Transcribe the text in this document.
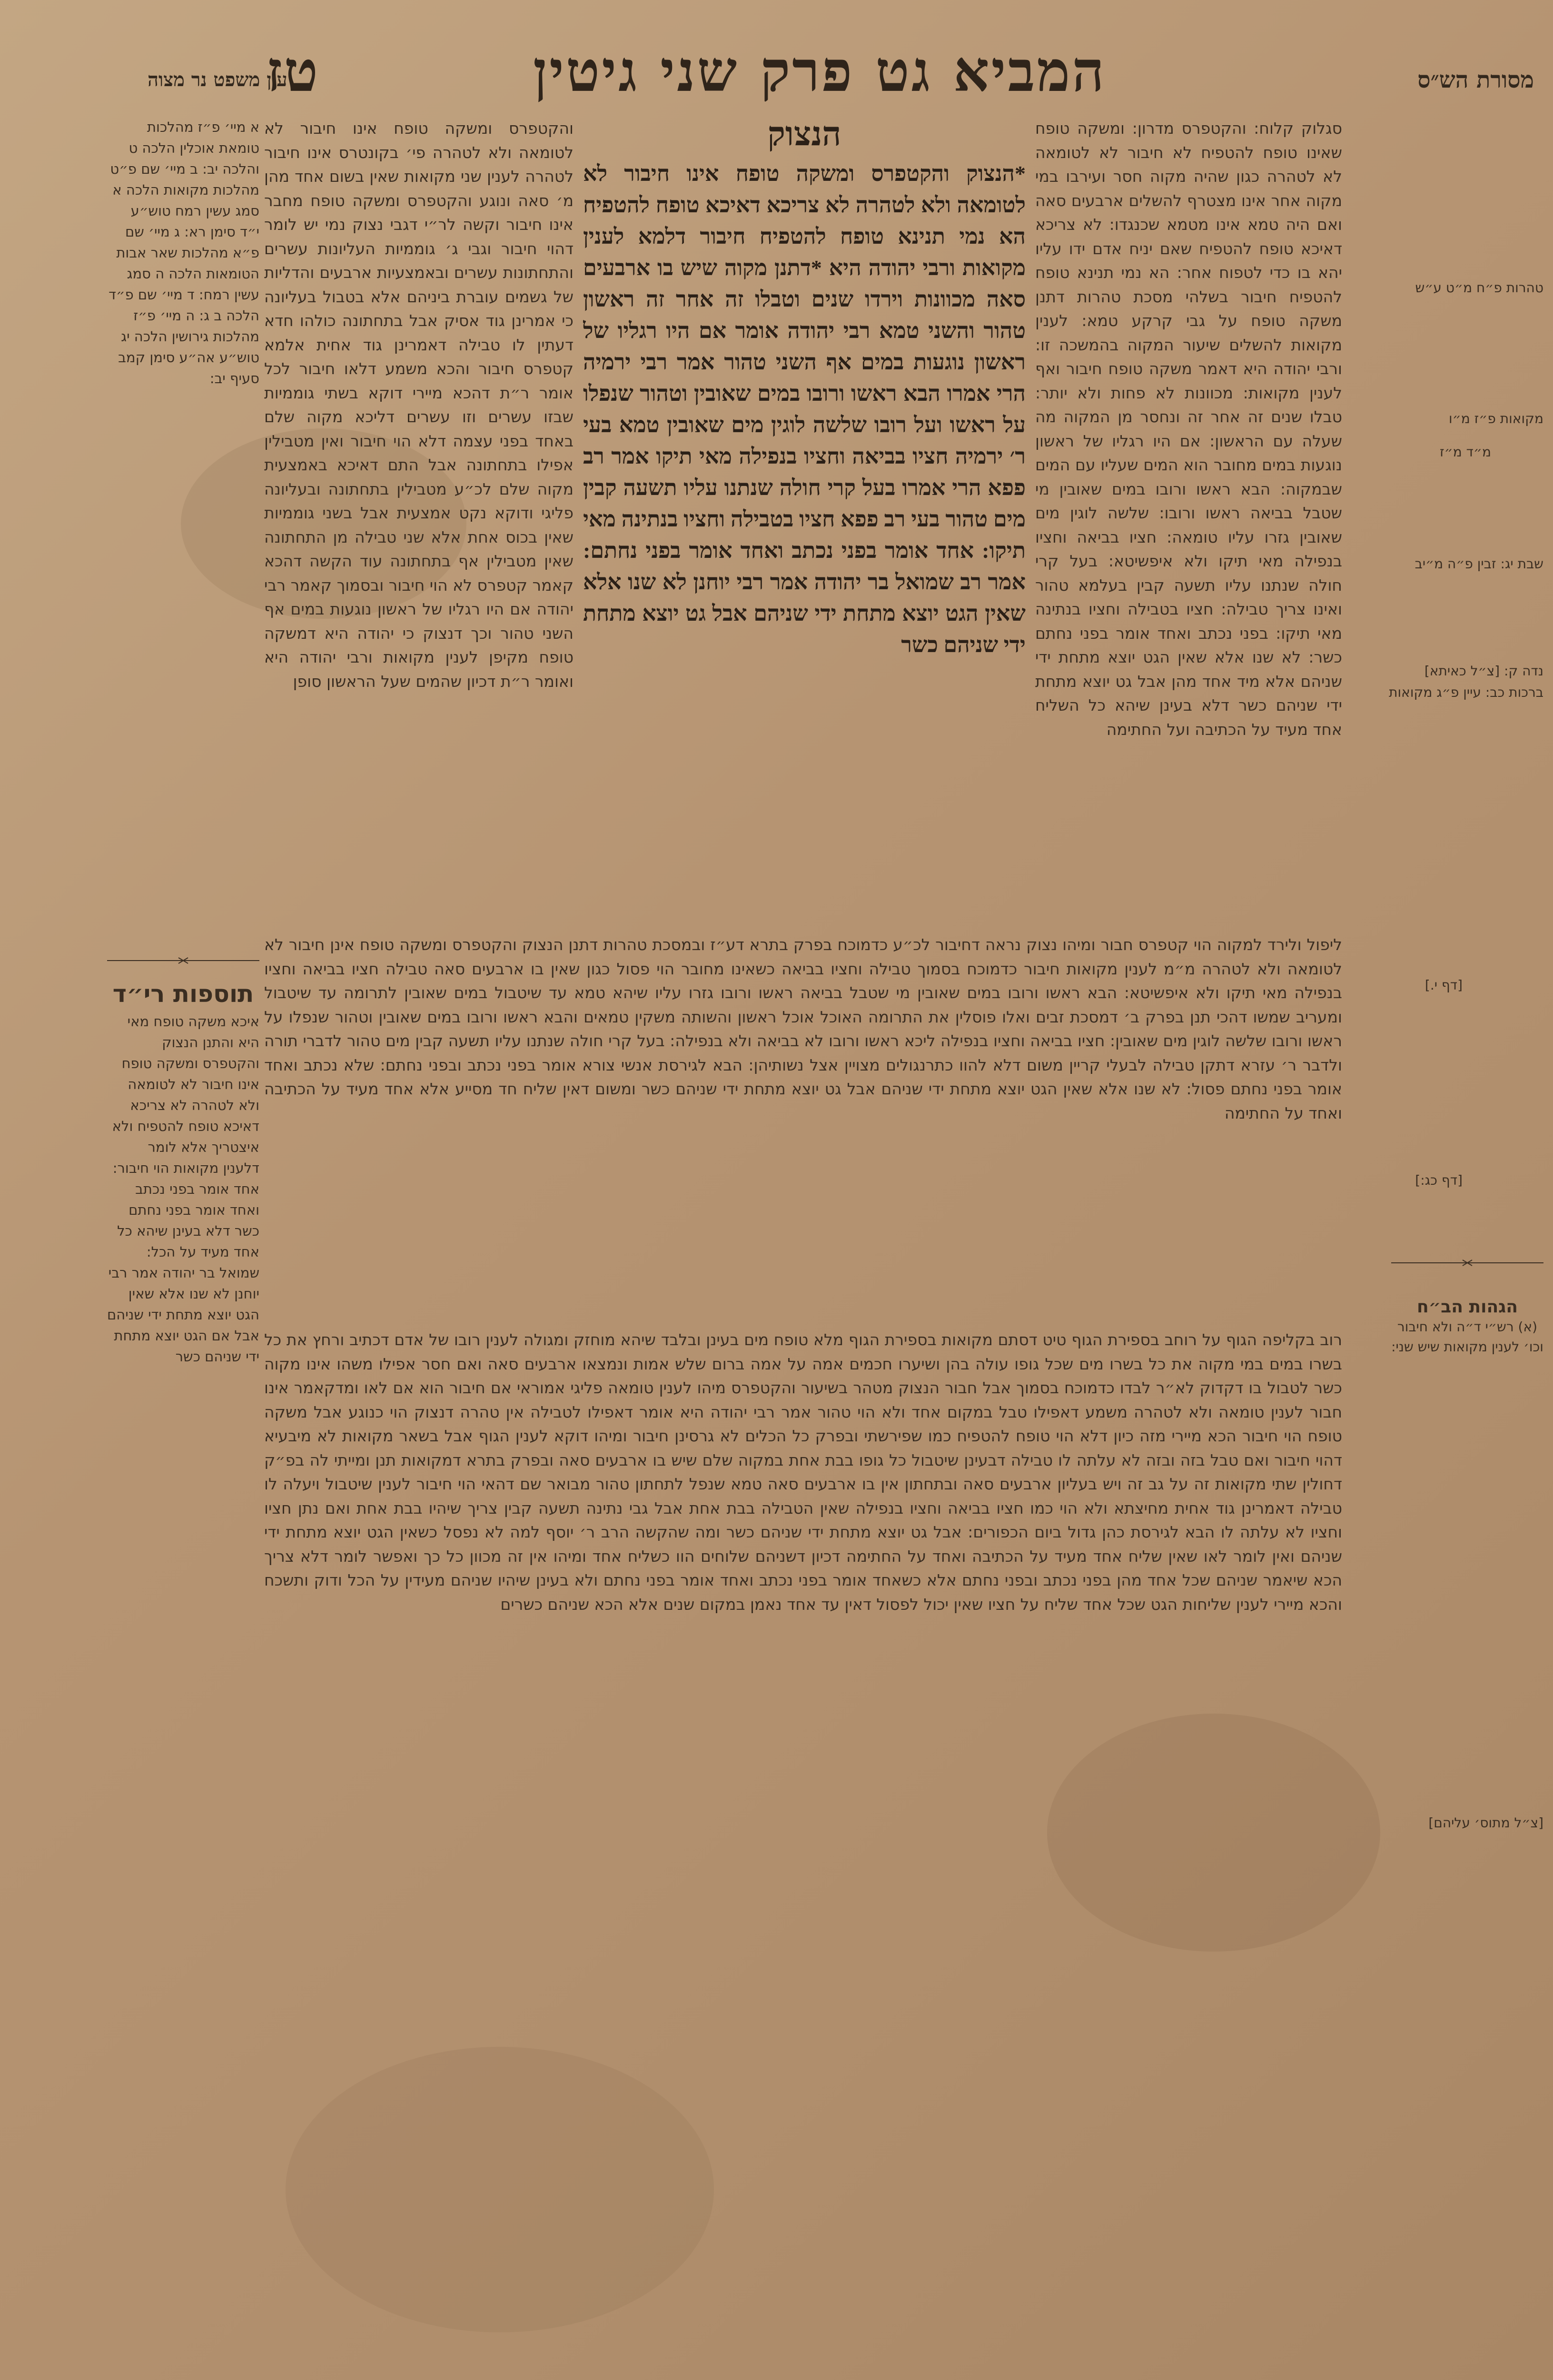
מסורת הש״ס
המביא גט פרק שני גיטין
טז
עין משפט נר מצוה
טהרות פ״ח מ״ט ע״ש
מקואות פ״ז מ״ו
מ״ד מ״ז
שבת יג: זבין פ״ה מ״יב
נדה ק: [צ״ל כאיתא]
ברכות כב: עיין פ״ג מקואות
[דף י.]
[דף כג:]
[צ״ל מתוס׳ עליהם]
הגהות הב״ח
(א) רש״י ד״ה ולא חיבור וכו׳ לענין מקואות שיש שני:

סגלוק קלוח: והקטפרס מדרון: ומשקה טופח שאינו טופח להטפיח לא חיבור לא לטומאה לא לטהרה כגון שהיה מקוה חסר ועירבו במי מקוה אחר אינו מצטרף להשלים ארבעים סאה ואם היה טמא אינו מטמא שכנגדו: לא צריכא דאיכא טופח להטפיח שאם יניח אדם ידו עליו יהא בו כדי לטפוח אחר: הא נמי תנינא טופח להטפיח חיבור בשלהי מסכת טהרות דתנן משקה טופח על גבי קרקע טמא: לענין מקואות להשלים שיעור המקוה בהמשכה זו: ורבי יהודה היא דאמר משקה טופח חיבור ואף לענין מקואות: מכוונות לא פחות ולא יותר: טבלו שנים זה אחר זה ונחסר מן המקוה מה שעלה עם הראשון: אם היו רגליו של ראשון נוגעות במים מחובר הוא המים שעליו עם המים שבמקוה: הבא ראשו ורובו במים שאובין מי שטבל בביאה ראשו ורובו: שלשה לוגין מים שאובין גזרו עליו טומאה: חציו בביאה וחציו בנפילה מאי תיקו ולא איפשיטא: בעל קרי חולה שנתנו עליו תשעה קבין בעלמא טהור ואינו צריך טבילה: חציו בטבילה וחציו בנתינה מאי תיקו: בפני נכתב ואחד אומר בפני נחתם כשר: לא שנו אלא שאין הגט יוצא מתחת ידי שניהם אלא מיד אחד מהן אבל גט יוצא מתחת ידי שניהם כשר דלא בעינן שיהא כל השליח אחד מעיד על הכתיבה ועל החתימה

הנצוק

*הנצוק והקטפרס ומשקה טופח אינו חיבור לא לטומאה ולא לטהרה לא צריכא דאיכא טופח להטפיח הא נמי תנינא טופח להטפיח חיבור דלמא לענין מקואות ורבי יהודה היא *דתנן מקוה שיש בו ארבעים סאה מכוונות וירדו שנים וטבלו זה אחר זה ראשון טהור והשני טמא רבי יהודה אומר אם היו רגליו של ראשון נוגעות במים אף השני טהור אמר רבי ירמיה הרי אמרו הבא ראשו ורובו במים שאובין וטהור שנפלו על ראשו ועל רובו שלשה לוגין מים שאובין טמא בעי ר׳ ירמיה חציו בביאה וחציו בנפילה מאי תיקו אמר רב פפא הרי אמרו בעל קרי חולה שנתנו עליו תשעה קבין מים טהור בעי רב פפא חציו בטבילה וחציו בנתינה מאי תיקו: אחד אומר בפני נכתב ואחד אומר בפני נחתם: אמר רב שמואל בר יהודה אמר רבי יוחנן לא שנו אלא שאין הגט יוצא מתחת ידי שניהם אבל גט יוצא מתחת ידי שניהם כשר

והקטפרס ומשקה טופח אינו חיבור לא לטומאה ולא לטהרה פי׳ בקונטרס אינו חיבור לטהרה לענין שני מקואות שאין בשום אחד מהן מ׳ סאה ונוגע והקטפרס ומשקה טופח מחבר אינו חיבור וקשה לר״י דגבי נצוק נמי יש לומר דהוי חיבור וגבי ג׳ גוממיות העליונות עשרים והתחתונות עשרים ובאמצעיות ארבעים והדליות של גשמים עוברת ביניהם אלא בטבול בעליונה כי אמרינן גוד אסיק אבל בתחתונה כולהו חדא דעתין לו טבילה דאמרינן גוד אחית אלמא קטפרס חיבור והכא משמע דלאו חיבור לכל אומר ר״ת דהכא מיירי דוקא בשתי גוממיות שבזו עשרים וזו עשרים דליכא מקוה שלם באחד בפני עצמה דלא הוי חיבור ואין מטבילין אפילו בתחתונה אבל התם דאיכא באמצעית מקוה שלם לכ״ע מטבילין בתחתונה ובעליונה פליגי ודוקא נקט אמצעית אבל בשני גוממיות שאין בכוס אחת אלא שני טבילה מן התחתונה שאין מטבילין אף בתחתונה עוד הקשה דהכא קאמר קטפרס לא הוי חיבור ובסמוך קאמר רבי יהודה אם היו רגליו של ראשון נוגעות במים אף השני טהור וכך דנצוק כי יהודה היא דמשקה טופח מקיפן לענין מקואות ורבי יהודה היא ואומר ר״ת דכיון שהמים שעל הראשון סופן

ליפול ולירד למקוה הוי קטפרס חבור ומיהו נצוק נראה דחיבור לכ״ע כדמוכח בפרק בתרא דע״ז ובמסכת טהרות דתנן הנצוק והקטפרס ומשקה טופח אינן חיבור לא לטומאה ולא לטהרה מ״מ לענין מקואות חיבור כדמוכח בסמוך טבילה וחציו בביאה כשאינו מחובר הוי פסול כגון שאין בו ארבעים סאה טבילה חציו בביאה וחציו בנפילה מאי תיקו ולא איפשיטא: הבא ראשו ורובו במים שאובין מי שטבל בביאה ראשו ורובו גזרו עליו שיהא טמא עד שיטבול במים שאובין לתרומה עד שיטבול ומעריב שמשו דהכי תנן בפרק ב׳ דמסכת זבים ואלו פוסלין את התרומה האוכל אוכל ראשון והשותה משקין טמאים והבא ראשו ורובו במים שאובין וטהור שנפלו על ראשו ורובו שלשה לוגין מים שאובין: חציו בביאה וחציו בנפילה ליכא ראשו ורובו לא בביאה ולא בנפילה: בעל קרי חולה שנתנו עליו תשעה קבין מים טהור לדברי תורה ולדבר ר׳ עזרא דתקן טבילה לבעלי קריין משום דלא להוו כתרנגולים מצויין אצל נשותיהן: הבא לגירסת אנשי צורא אומר בפני נכתב ובפני נחתם: שלא נכתב ואחד אומר בפני נחתם פסול: לא שנו אלא שאין הגט יוצא מתחת ידי שניהם אבל גט יוצא מתחת ידי שניהם כשר ומשום דאין שליח חד מסייע אלא אחד מעיד על הכתיבה ואחד על החתימה

רוב בקליפה הגוף על רוחב בספירת הגוף טיט דסתם מקואות בספירת הגוף מלא טופח מים בעינן ובלבד שיהא מוחזק ומגולה לענין רובו של אדם דכתיב ורחץ את כל בשרו במים במי מקוה את כל בשרו מים שכל גופו עולה בהן ושיערו חכמים אמה על אמה ברום שלש אמות ונמצאו ארבעים סאה ואם חסר אפילו משהו אינו מקוה כשר לטבול בו דקדוק לא״ר לבדו כדמוכח בסמוך אבל חבור הנצוק מטהר בשיעור והקטפרס מיהו לענין טומאה פליגי אמוראי אם חיבור הוא אם לאו ומדקאמר אינו חבור לענין טומאה ולא לטהרה משמע דאפילו טבל במקום אחד ולא הוי טהור אמר רבי יהודה היא אומר דאפילו לטבילה אין טהרה דנצוק הוי כנוגע אבל משקה טופח הוי חיבור הכא מיירי מזה כיון דלא הוי טופח להטפיח כמו שפירשתי ובפרק כל הכלים לא גרסינן חיבור ומיהו דוקא לענין הגוף אבל בשאר מקואות לא מיבעיא דהוי חיבור ואם טבל בזה ובזה לא עלתה לו טבילה דבעינן שיטבול כל גופו בבת אחת במקוה שלם שיש בו ארבעים סאה ובפרק בתרא דמקואות תנן ומייתי לה בפ״ק דחולין שתי מקואות זה על גב זה ויש בעליון ארבעים סאה ובתחתון אין בו ארבעים סאה טמא שנפל לתחתון טהור מבואר שם דהאי הוי חיבור לענין שיטבול ויעלה לו טבילה דאמרינן גוד אחית מחיצתא ולא הוי כמו חציו בביאה וחציו בנפילה שאין הטבילה בבת אחת אבל גבי נתינה תשעה קבין צריך שיהיו בבת אחת ואם נתן חציו וחציו לא עלתה לו הבא לגירסת כהן גדול ביום הכפורים: אבל גט יוצא מתחת ידי שניהם כשר ומה שהקשה הרב ר׳ יוסף למה לא נפסל כשאין הגט יוצא מתחת ידי שניהם ואין לומר לאו שאין שליח אחד מעיד על הכתיבה ואחד על החתימה דכיון דשניהם שלוחים הוו כשליח אחד ומיהו אין זה מכוון כל כך ואפשר לומר דלא צריך הכא שיאמר שניהם שכל אחד מהן בפני נכתב ובפני נחתם אלא כשאחד אומר בפני נכתב ואחד אומר בפני נחתם ולא בעינן שיהיו שניהם מעידין על הכל ודוק ותשכח והכא מיירי לענין שליחות הגט שכל אחד שליח על חציו שאין יכול לפסול דאין עד אחד נאמן במקום שנים אלא הכא שניהם כשרים

א מיי׳ פ״ז מהלכות טומאת אוכלין הלכה ט והלכה יב: ב מיי׳ שם פ״ט מהלכות מקואות הלכה א סמג עשין רמח טוש״ע י״ד סימן רא: ג מיי׳ שם פ״א מהלכות שאר אבות הטומאות הלכה ה סמג עשין רמח: ד מיי׳ שם פ״ד הלכה ב ג: ה מיי׳ פ״ז מהלכות גירושין הלכה יג טוש״ע אה״ע סימן קמב סעיף יב:

תוספות רי״ד

איכא משקה טופח מאי היא והתנן הנצוק והקטפרס ומשקה טופח אינו חיבור לא לטומאה ולא לטהרה לא צריכא דאיכא טופח להטפיח ולא איצטריך אלא לומר דלענין מקואות הוי חיבור: אחד אומר בפני נכתב ואחד אומר בפני נחתם כשר דלא בעינן שיהא כל אחד מעיד על הכל: שמואל בר יהודה אמר רבי יוחנן לא שנו אלא שאין הגט יוצא מתחת ידי שניהם אבל אם הגט יוצא מתחת ידי שניהם כשר
